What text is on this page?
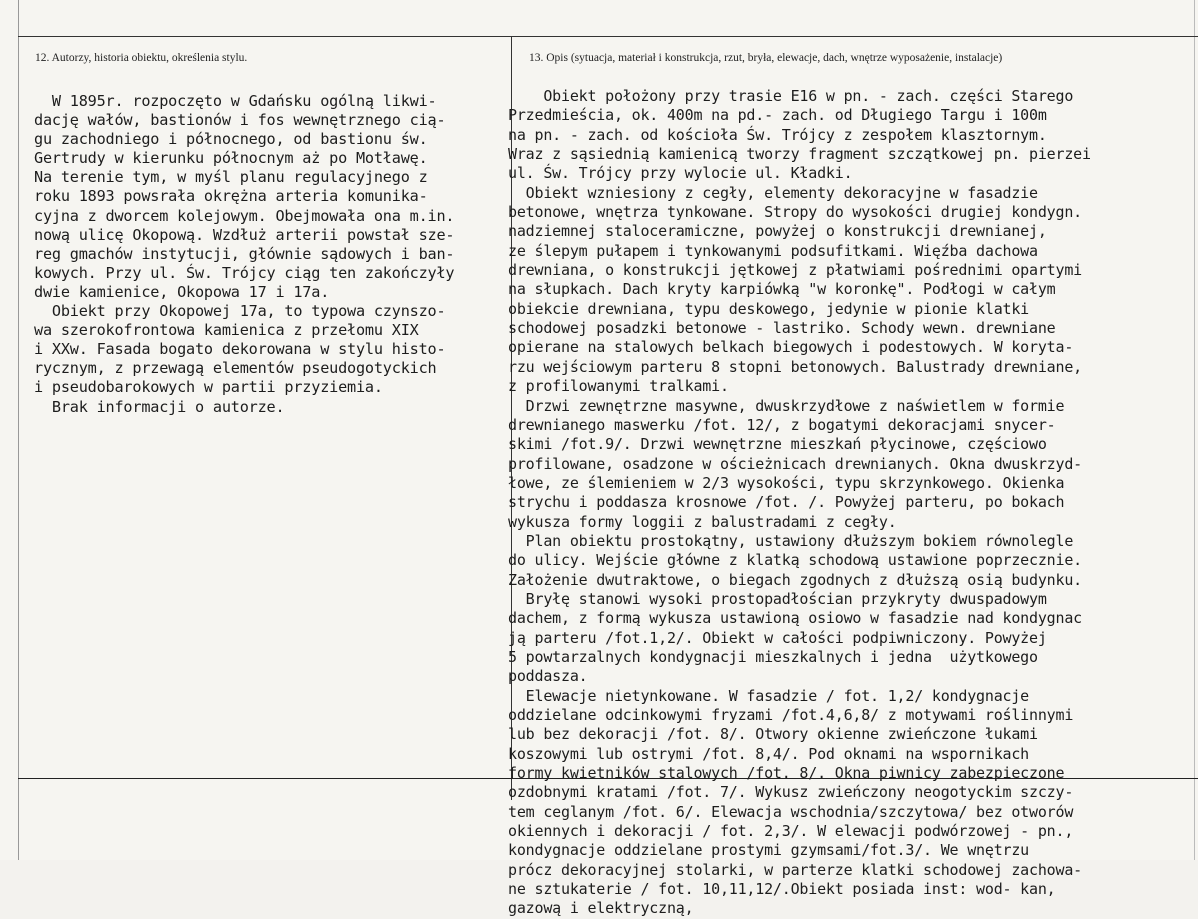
12. Autorzy, historia obiektu, określenia stylu.	13. Opis (sytuacja, materiał i konstrukcja, rzut, bryła, elewacje, dach, wnętrze wyposażenie, instalacje)
W 1895r. rozpoczęto w Gdańsku ogólną likwi-
dację wałów, bastionów i fos wewnętrznego cią-
gu zachodniego i północnego, od bastionu św.
Gertrudy w kierunku północnym aż po Motławę.
Na terenie tym, w myśl planu regulacyjnego z
roku 1893 powsrała okrężna arteria komunika-
cyjna z dworcem kolejowym. Obejmowała ona m.in.
nową ulicę Okopową. Wzdłuż arterii powstał sze-
reg gmachów instytucji, głównie sądowych i ban-
kowych. Przy ul. Św. Trójcy ciąg ten zakończyły
dwie kamienice, Okopowa 17 i 17a.
Obiekt przy Okopowej 17a, to typowa czynszo-
wa szerokofrontowa kamienica z przełomu XIX
i XXw. Fasada bogato dekorowana w stylu histo-
rycznym, z przewagą elementów pseudogotyckich
i pseudobarokowych w partii przyziemia.
Brak informacji o autorze.
Obiekt położony przy trasie E16 w pn. - zach. części Starego
Przedmieścia, ok. 400m na pd.- zach. od Długiego Targu i 100m
na pn. - zach. od kościoła Św. Trójcy z zespołem klasztornym.
Wraz z sąsiednią kamienicą tworzy fragment szczątkowej pn. pierzei
ul. Św. Trójcy przy wylocie ul. Kładki.
Obiekt wzniesiony z cegły, elementy dekoracyjne w fasadzie
betonowe, wnętrza tynkowane. Stropy do wysokości drugiej kondygn.
nadziemnej staloceramiczne, powyżej o konstrukcji drewnianej,
ze ślepym pułapem i tynkowanymi podsufitkami. Więźba dachowa
drewniana, o konstrukcji jętkowej z płatwiami pośrednimi opartymi
na słupkach. Dach kryty karpiówką "w koronkę". Podłogi w całym
obiekcie drewniana, typu deskowego, jedynie w pionie klatki
schodowej posadzki betonowe - lastriko. Schody wewn. drewniane
opierane na stalowych belkach biegowych i podestowych. W koryta-
rzu wejściowym parteru 8 stopni betonowych. Balustrady drewniane,
z profilowanymi tralkami.
Drzwi zewnętrzne masywne, dwuskrzydłowe z naświetlem w formie
drewnianego maswerku /fot. 12/, z bogatymi dekoracjami snycer-
skimi /fot.9/. Drzwi wewnętrzne mieszkań płycinowe, częściowo
profilowane, osadzone w ościeżnicach drewnianych. Okna dwuskrzyd-
łowe, ze ślemieniem w 2/3 wysokości, typu skrzynkowego. Okienka
strychu i poddasza krosnowe /fot. /. Powyżej parteru, po bokach
wykusza formy loggii z balustradami z cegły.
Plan obiektu prostokątny, ustawiony dłuższym bokiem równolegle
do ulicy. Wejście główne z klatką schodową ustawione poprzecznie.
Założenie dwutraktowe, o biegach zgodnych z dłuższą osią budynku.
Bryłę stanowi wysoki prostopadłościan przykryty dwuspadowym
dachem, z formą wykusza ustawioną osiowo w fasadzie nad kondygnac
ją parteru /fot.1,2/. Obiekt w całości podpiwniczony. Powyżej
5 powtarzalnych kondygnacji mieszkalnych i jedna  użytkowego
poddasza.
Elewacje nietynkowane. W fasadzie / fot. 1,2/ kondygnacje
oddzielane odcinkowymi fryzami /fot.4,6,8/ z motywami roślinnymi
lub bez dekoracji /fot. 8/. Otwory okienne zwieńczone łukami
koszowymi lub ostrymi /fot. 8,4/. Pod oknami na wspornikach
formy kwietników stalowych /fot. 8/. Okna piwnicy zabezpieczone
ozdobnymi kratami /fot. 7/. Wykusz zwieńczony neogotyckim szczy-
tem ceglanym /fot. 6/. Elewacja wschodnia/szczytowa/ bez otworów
okiennych i dekoracji / fot. 2,3/. W elewacji podwórzowej - pn.,
kondygnacje oddzielane prostymi gzymsami/fot.3/. We wnętrzu
prócz dekoracyjnej stolarki, w parterze klatki schodowej zachowa-
ne sztukaterie / fot. 10,11,12/.Obiekt posiada inst: wod- kan,
gazową i elektryczną,
